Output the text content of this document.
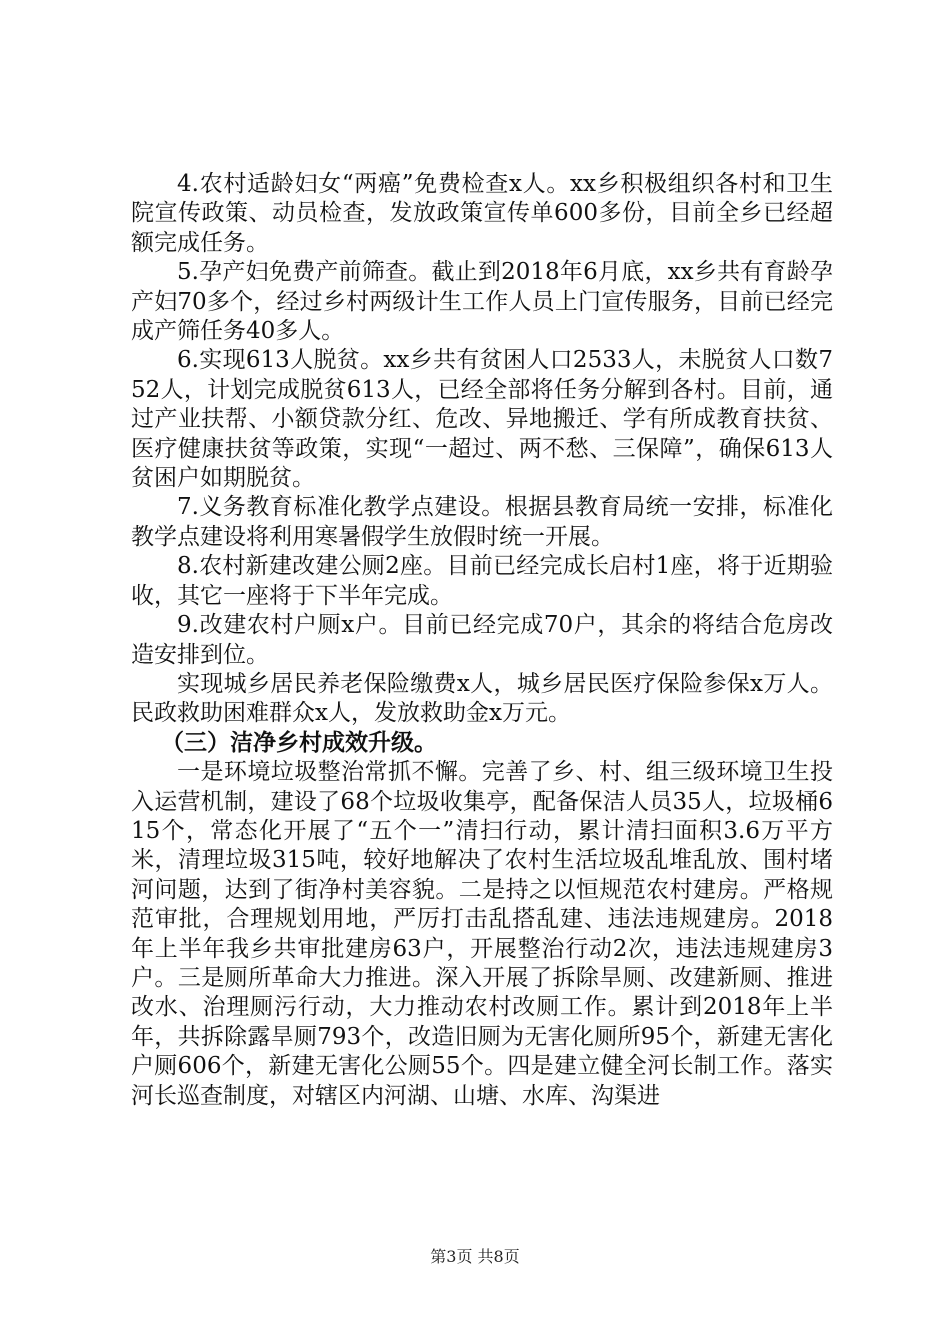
4.农村适龄妇女“两癌”免费检查x人。xx乡积极组织各村和卫生院宣传政策、动员检查，发放政策宣传单600多份，目前全乡已经超额完成任务。

5.孕产妇免费产前筛查。截止到2018年6月底，xx乡共有育龄孕产妇70多个，经过乡村两级计生工作人员上门宣传服务，目前已经完成产筛任务40多人。

6.实现613人脱贫。xx乡共有贫困人口2533人，未脱贫人口数752人，计划完成脱贫613人，已经全部将任务分解到各村。目前，通过产业扶帮、小额贷款分红、危改、异地搬迁、学有所成教育扶贫、医疗健康扶贫等政策，实现“一超过、两不愁、三保障”，确保613人贫困户如期脱贫。

7.义务教育标准化教学点建设。根据县教育局统一安排，标准化教学点建设将利用寒暑假学生放假时统一开展。

8.农村新建改建公厕2座。目前已经完成长启村1座，将于近期验收，其它一座将于下半年完成。

9.改建农村户厕x户。目前已经完成70户，其余的将结合危房改造安排到位。

实现城乡居民养老保险缴费x人，城乡居民医疗保险参保x万人。民政救助困难群众x人，发放救助金x万元。

（三）洁净乡村成效升级。

一是环境垃圾整治常抓不懈。完善了乡、村、组三级环境卫生投入运营机制，建设了68个垃圾收集亭，配备保洁人员35人，垃圾桶615个，常态化开展了“五个一”清扫行动，累计清扫面积3.6万平方米，清理垃圾315吨，较好地解决了农村生活垃圾乱堆乱放、围村堵河问题，达到了街净村美容貌。二是持之以恒规范农村建房。严格规范审批，合理规划用地，严厉打击乱搭乱建、违法违规建房。2018年上半年我乡共审批建房63户，开展整治行动2次，违法违规建房3户。三是厕所革命大力推进。深入开展了拆除旱厕、改建新厕、推进改水、治理厕污行动，大力推动农村改厕工作。累计到2018年上半年，共拆除露旱厕793个，改造旧厕为无害化厕所95个，新建无害化户厕606个，新建无害化公厕55个。四是建立健全河长制工作。落实河长巡查制度，对辖区内河湖、山塘、水库、沟渠进

第3页 共8页
